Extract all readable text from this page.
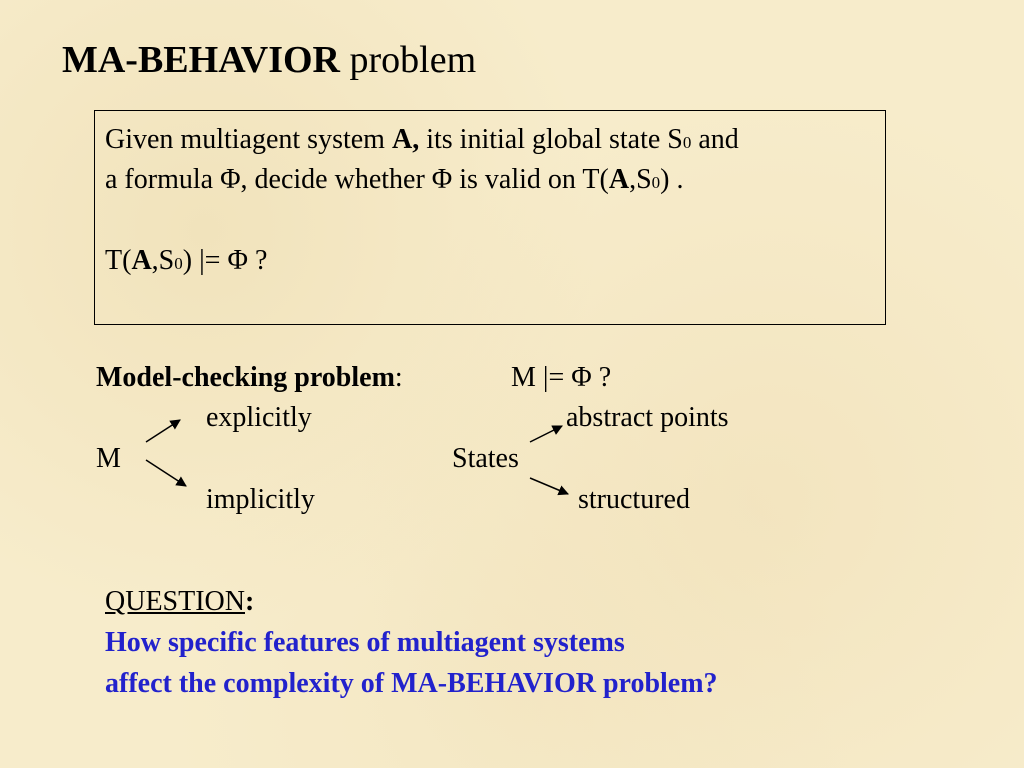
MA-BEHAVIOR problem
Given multiagent system A, its initial global state S0 and
a formula Φ, decide whether Φ is valid on T(A,S0) .
T(A,S0) |= Φ ?
Model-checking problem:	M |= Φ ?
explicitly	abstract points
M	States
implicitly	structured
QUESTION:
How specific features of multiagent systems
affect the complexity of MA-BEHAVIOR problem?
